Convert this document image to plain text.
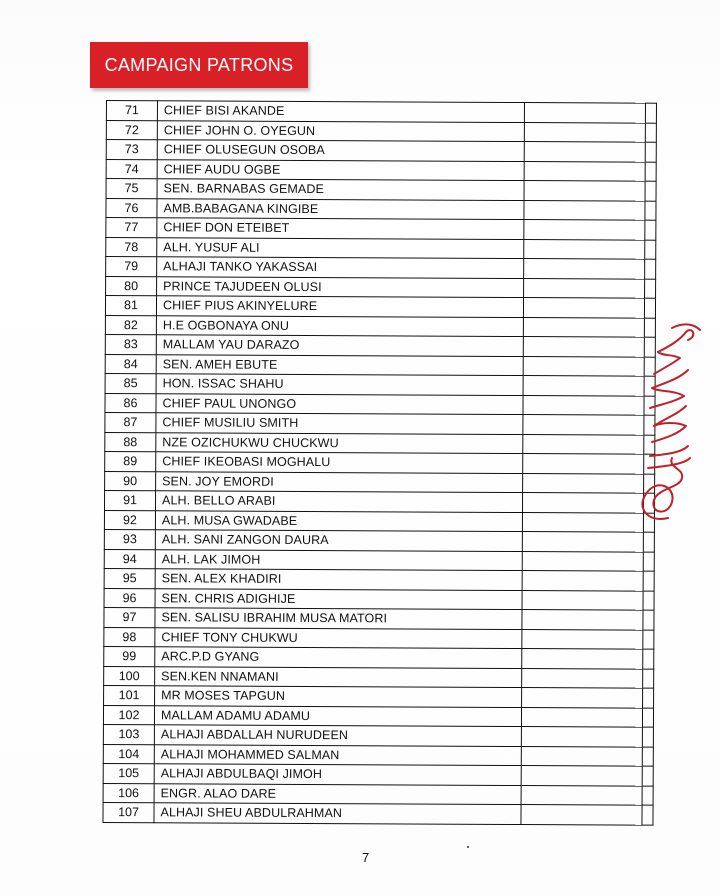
CAMPAIGN PATRONS
71	CHIEF BISI AKANDE		
72	CHIEF JOHN O. OYEGUN		
73	CHIEF OLUSEGUN OSOBA		
74	CHIEF AUDU OGBE		
75	SEN. BARNABAS GEMADE		
76	AMB.BABAGANA KINGIBE		
77	CHIEF DON ETEIBET		
78	ALH. YUSUF ALI		
79	ALHAJI TANKO YAKASSAI		
80	PRINCE TAJUDEEN OLUSI		
81	CHIEF PIUS AKINYELURE		
82	H.E OGBONAYA ONU		
83	MALLAM YAU DARAZO		
84	SEN. AMEH EBUTE		
85	HON. ISSAC SHAHU		
86	CHIEF PAUL UNONGO		
87	CHIEF MUSILIU SMITH		
88	NZE OZICHUKWU CHUCKWU		
89	CHIEF IKEOBASI MOGHALU		
90	SEN. JOY EMORDI		
91	ALH. BELLO ARABI		
92	ALH. MUSA GWADABE		
93	ALH. SANI ZANGON DAURA		
94	ALH. LAK JIMOH		
95	SEN. ALEX KHADIRI		
96	SEN. CHRIS ADIGHIJE		
97	SEN. SALISU IBRAHIM MUSA MATORI		
98	CHIEF TONY CHUKWU		
99	ARC.P.D GYANG		
100	SEN.KEN NNAMANI		
101	MR MOSES TAPGUN		
102	MALLAM ADAMU ADAMU		
103	ALHAJI ABDALLAH NURUDEEN		
104	ALHAJI MOHAMMED SALMAN		
105	ALHAJI ABDULBAQI JIMOH		
106	ENGR. ALAO DARE		
107	ALHAJI SHEU ABDULRAHMAN		
7
